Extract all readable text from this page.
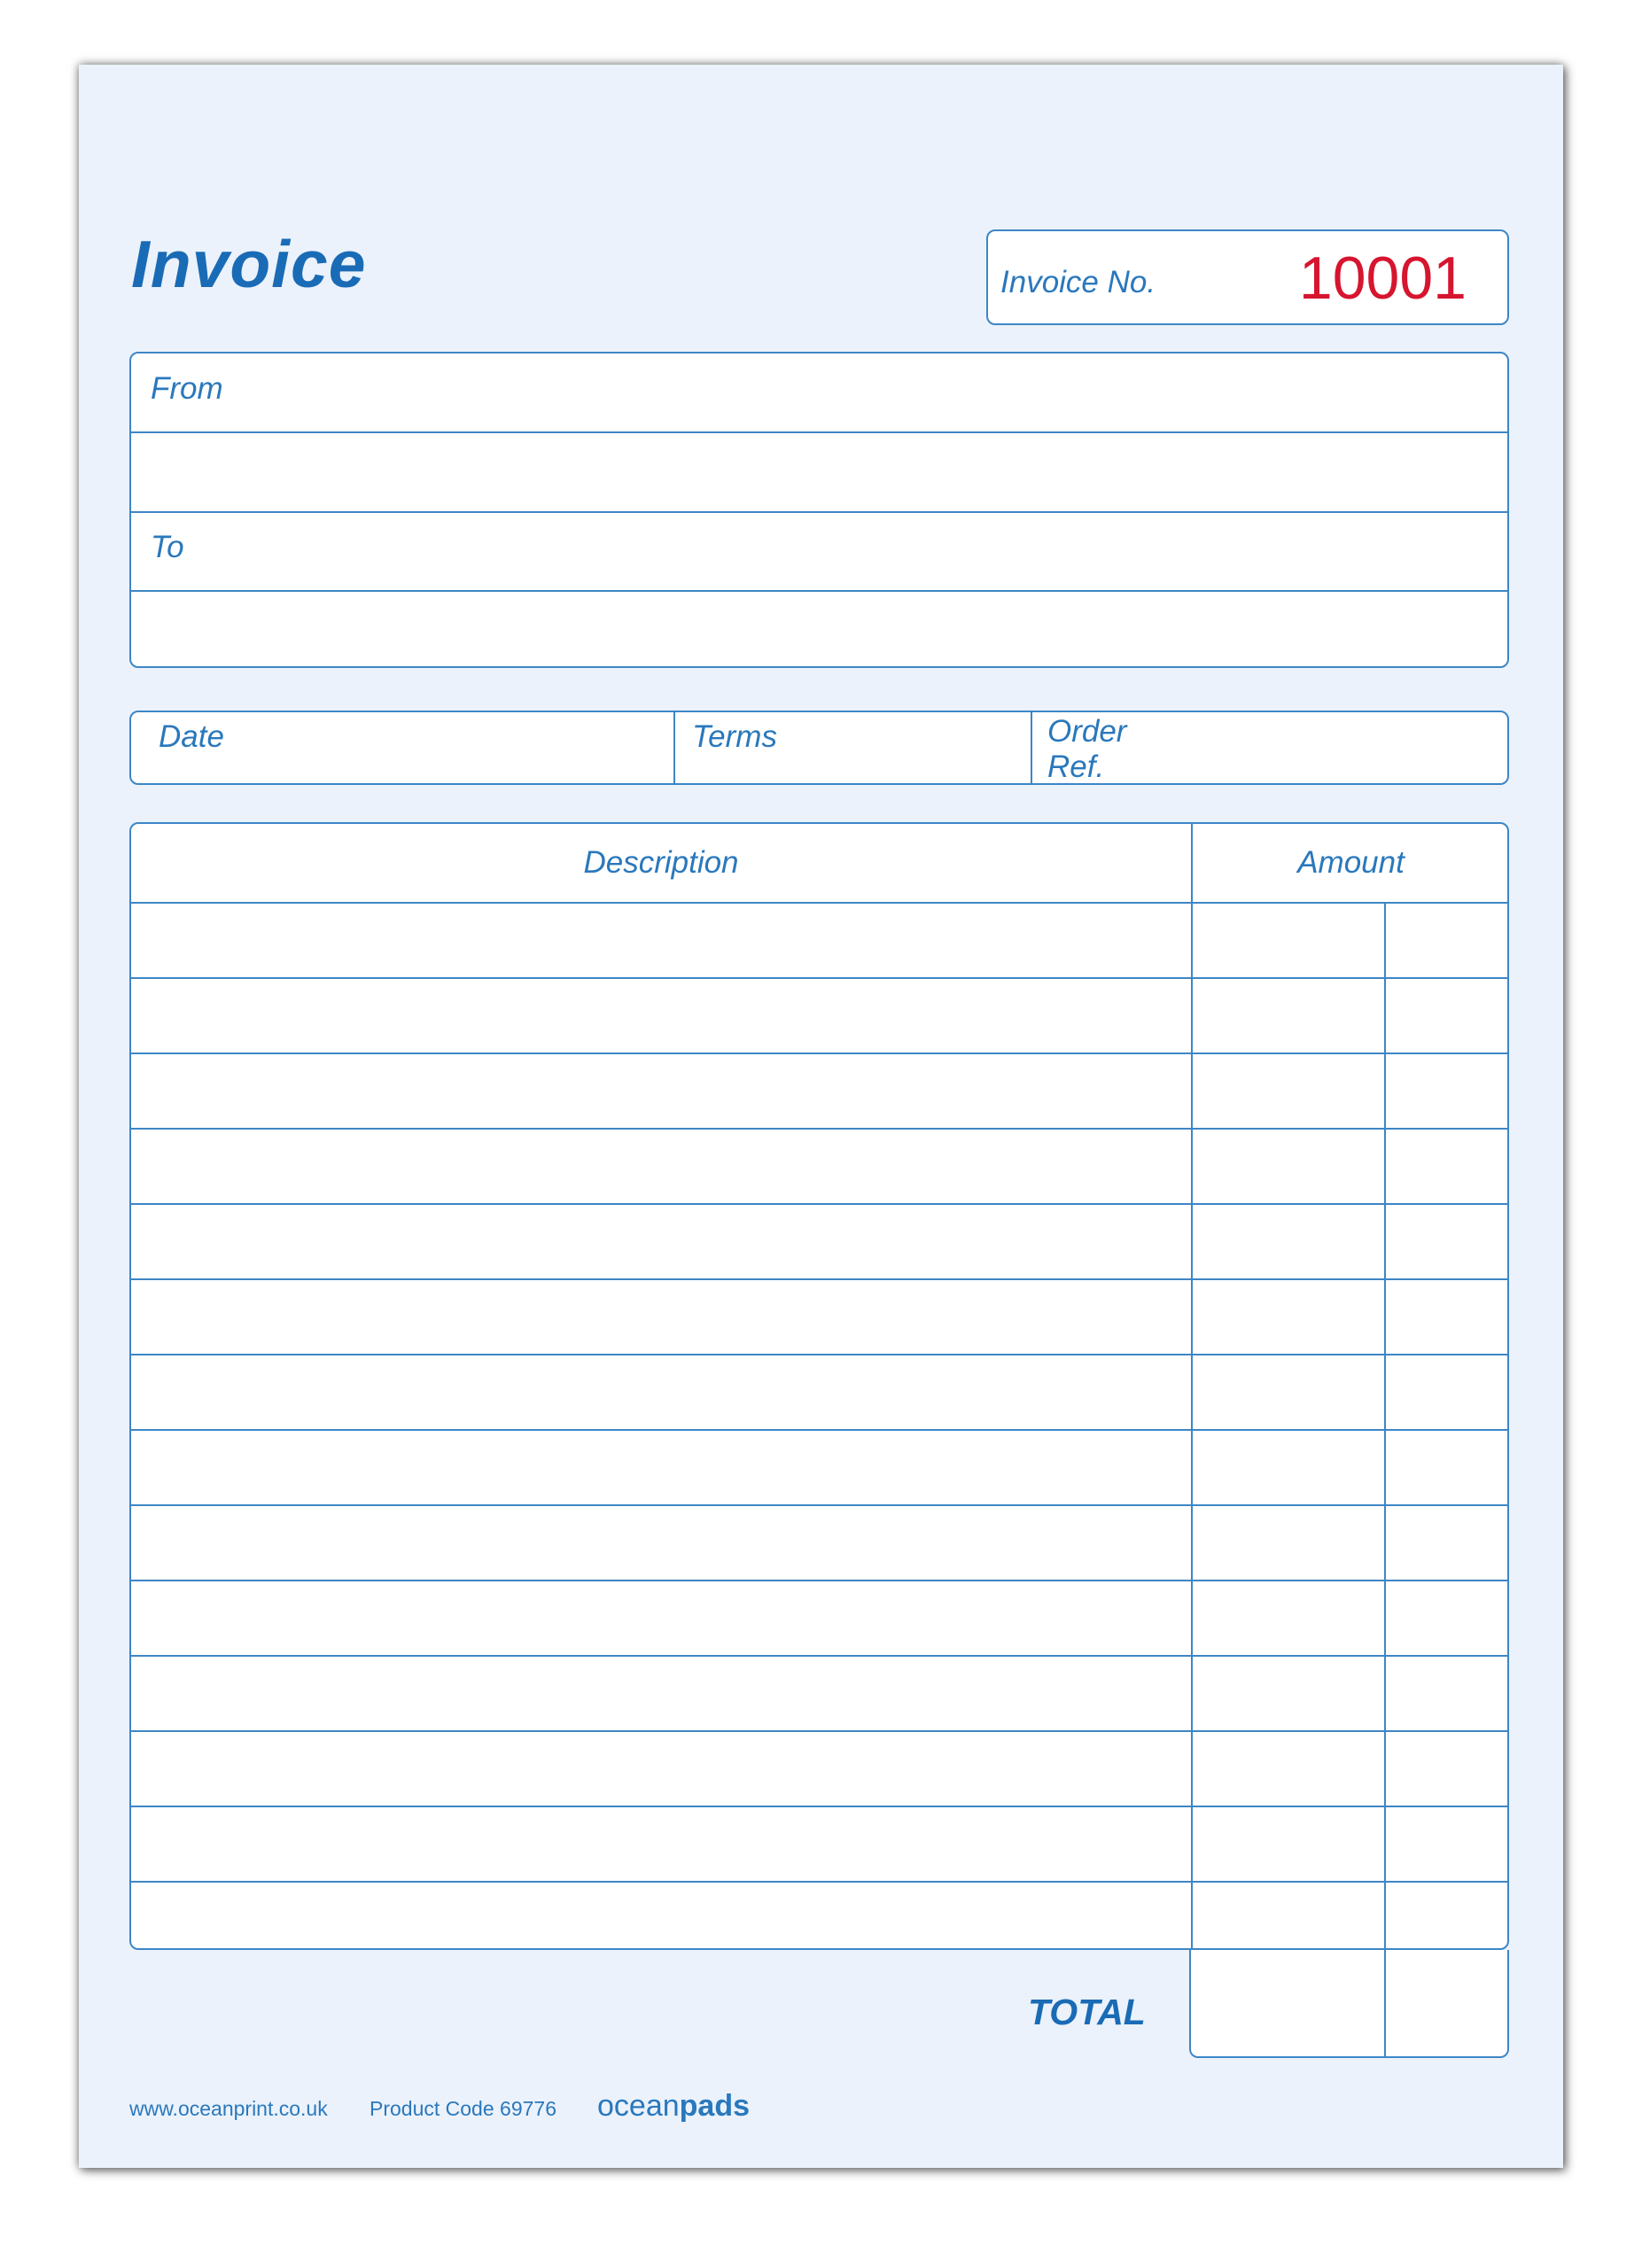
Invoice	Invoice No. 10001
From
To
Date	Terms	Order
Ref.
Description	Amount
TOTAL
www.oceanprint.co.uk Product Code 69776 oceanpads
